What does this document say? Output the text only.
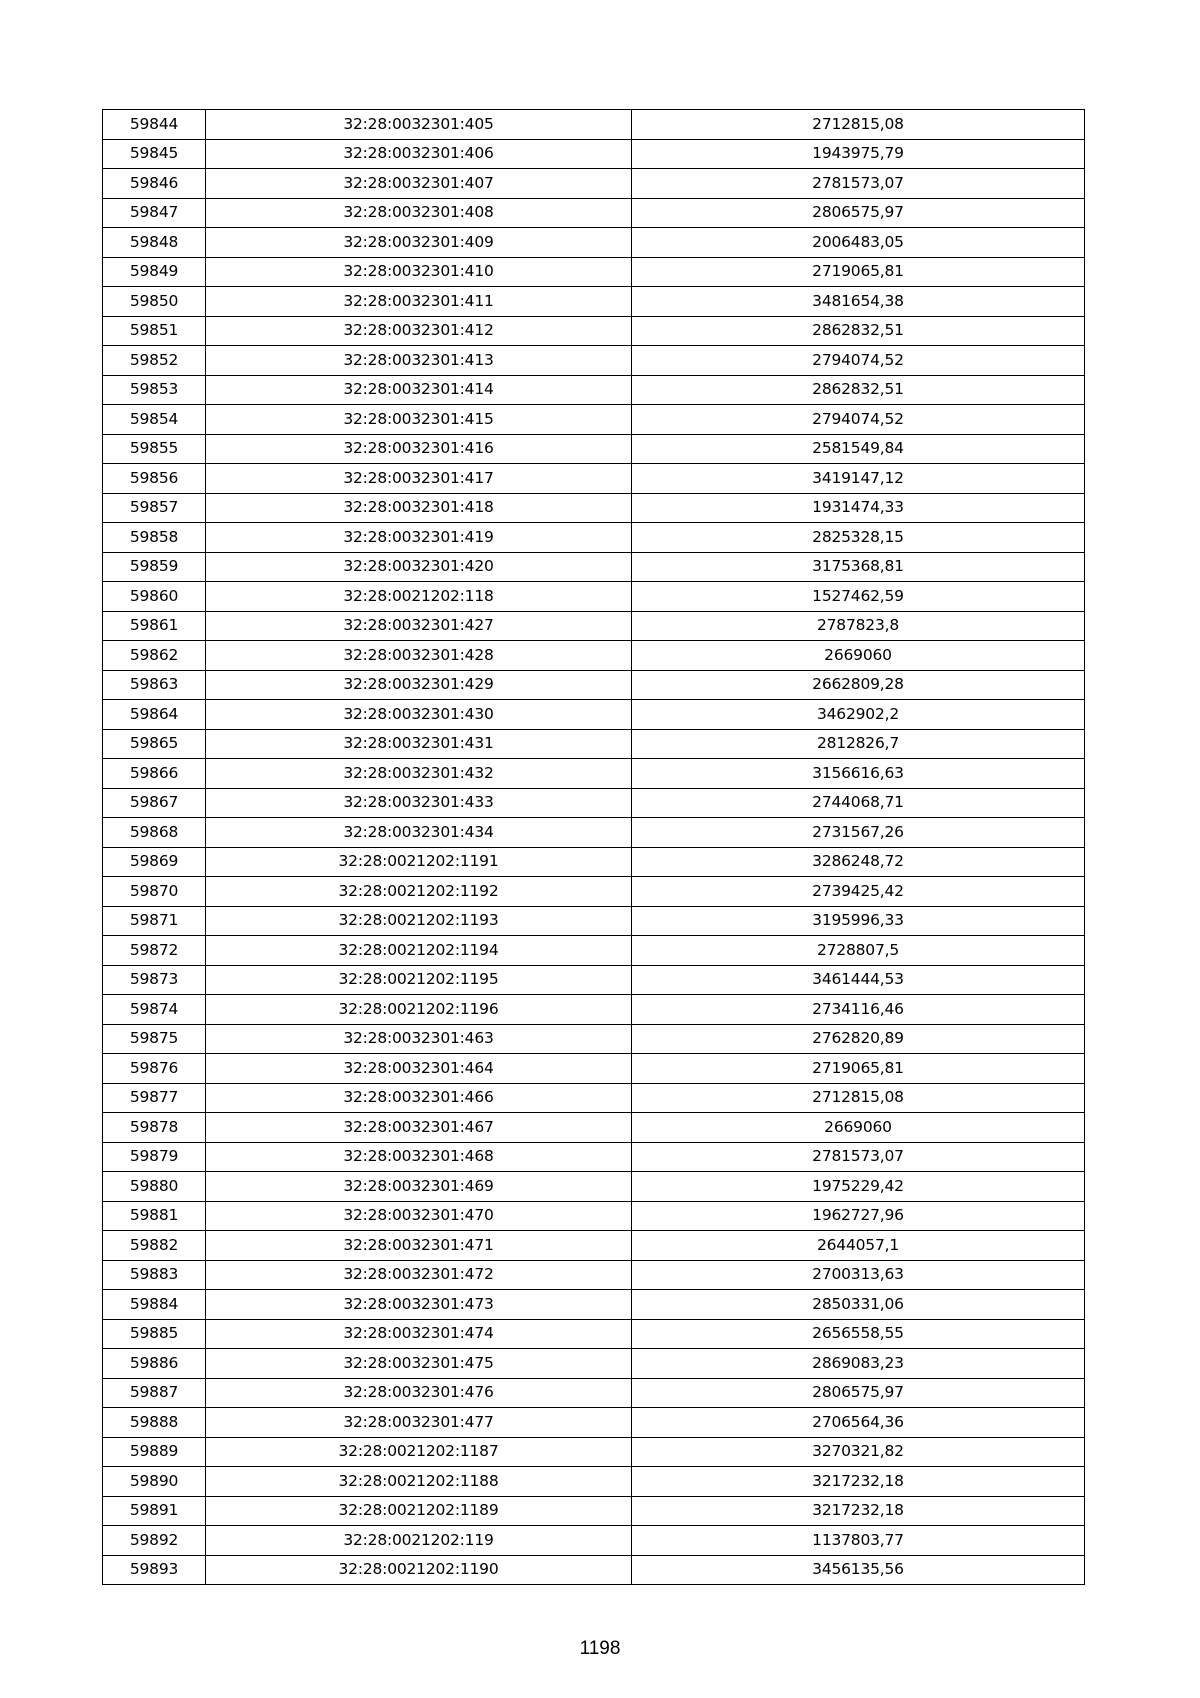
59844	32:28:0032301:405	2712815,08
59845	32:28:0032301:406	1943975,79
59846	32:28:0032301:407	2781573,07
59847	32:28:0032301:408	2806575,97
59848	32:28:0032301:409	2006483,05
59849	32:28:0032301:410	2719065,81
59850	32:28:0032301:411	3481654,38
59851	32:28:0032301:412	2862832,51
59852	32:28:0032301:413	2794074,52
59853	32:28:0032301:414	2862832,51
59854	32:28:0032301:415	2794074,52
59855	32:28:0032301:416	2581549,84
59856	32:28:0032301:417	3419147,12
59857	32:28:0032301:418	1931474,33
59858	32:28:0032301:419	2825328,15
59859	32:28:0032301:420	3175368,81
59860	32:28:0021202:118	1527462,59
59861	32:28:0032301:427	2787823,8
59862	32:28:0032301:428	2669060
59863	32:28:0032301:429	2662809,28
59864	32:28:0032301:430	3462902,2
59865	32:28:0032301:431	2812826,7
59866	32:28:0032301:432	3156616,63
59867	32:28:0032301:433	2744068,71
59868	32:28:0032301:434	2731567,26
59869	32:28:0021202:1191	3286248,72
59870	32:28:0021202:1192	2739425,42
59871	32:28:0021202:1193	3195996,33
59872	32:28:0021202:1194	2728807,5
59873	32:28:0021202:1195	3461444,53
59874	32:28:0021202:1196	2734116,46
59875	32:28:0032301:463	2762820,89
59876	32:28:0032301:464	2719065,81
59877	32:28:0032301:466	2712815,08
59878	32:28:0032301:467	2669060
59879	32:28:0032301:468	2781573,07
59880	32:28:0032301:469	1975229,42
59881	32:28:0032301:470	1962727,96
59882	32:28:0032301:471	2644057,1
59883	32:28:0032301:472	2700313,63
59884	32:28:0032301:473	2850331,06
59885	32:28:0032301:474	2656558,55
59886	32:28:0032301:475	2869083,23
59887	32:28:0032301:476	2806575,97
59888	32:28:0032301:477	2706564,36
59889	32:28:0021202:1187	3270321,82
59890	32:28:0021202:1188	3217232,18
59891	32:28:0021202:1189	3217232,18
59892	32:28:0021202:119	1137803,77
59893	32:28:0021202:1190	3456135,56
1198
